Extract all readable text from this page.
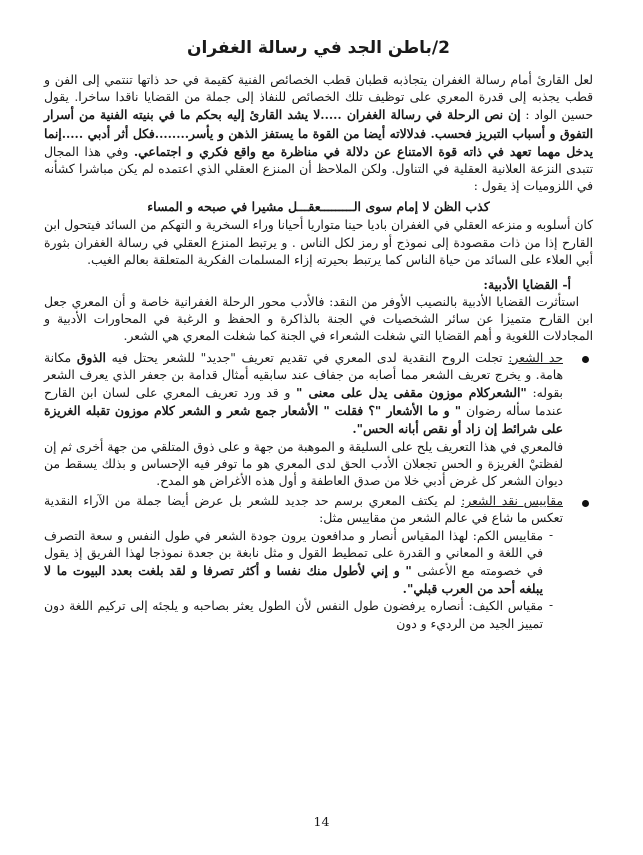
2/باطن الجد في رسالة الغفران

لعل القارئ أمام رسالة الغفران يتجاذبه قطبان قطب الخصائص الفنية كقيمة في حد ذاتها تنتمي إلى الفن و قطب يجذبه إلى قدرة المعري على توظيف تلك الخصائص للنفاذ إلى جملة من القضايا ناقدا ساخرا. يقول حسين الواد : إن نص الرحلة في رسالة الغفران .....لا يشد القارئ إليه بحكم ما في بنيته الفنية من أسرار التفوق و أسباب التبريز فحسب. فدلالاته أيضا من القوة ما يستفز الذهن و يأسر........فكل أثر أدبي .....إنما يدخل مهما تعهد في ذاته قوة الامتناع عن دلالة في مناظرة مع واقع فكري و اجتماعي. وفي هذا المجال تتبدى النزعة العلانية العقلية في التناول. ولكن الملاحظ أن المنزع العقلي الذي اعتمده لم يكن مباشرا كشأنه في اللزوميات إذ يقول :

كذب الظن لا إمام سوى الـــــــــعقـــل مشيرا في صبحه و المساء

كان أسلوبه و منزعه العقلي في الغفران باديا حينا متواريا أحيانا وراء السخرية و التهكم من السائد فيتحول ابن القارح إذا من ذات مقصودة إلى نموذج أو رمز لكل الناس . و يرتبط المنزع العقلي في رسالة الغفران بثورة أبي العلاء على السائد من حياة الناس كما يرتبط بحيرته إزاء المسلمات الفكرية المتعلقة بعالم الغيب.

أ- القضايا الأدبية:

استأثرت القضايا الأدبية بالنصيب الأوفر من النقد: فالأدب محور الرحلة الغفرانية خاصة و أن المعري جعل ابن القارح متميزا عن سائر الشخصيات في الجنة بالذاكرة و الحفظ و الرغبة في المحاورات الأدبية و المجادلات اللغوية و أهم القضايا التي شغلت الشعراء في الجنة كما شغلت المعري هي الشعر.

حد الشعر: تجلت الروح النقدية لدى المعري في تقديم تعريف "جديد" للشعر يحتل فيه الذوق مكانة هامة. و يخرج تعريف الشعر مما أصابه من جفاف عند سابقيه أمثال قدامة بن جعفر الذي يعرف الشعر بقوله: "الشعركلام موزون مقفى يدل على معنى " و قد ورد تعريف المعري على لسان ابن القارح عندما سأله رضوان " و ما الأشعار "؟ فقلت " الأشعار جمع شعر و الشعر كلام موزون تقبله الغريزة على شرائط إن زاد أو نقص أبانه الحس".

فالمعري في هذا التعريف يلح على السليقة و الموهبة من جهة و على ذوق المتلقي من جهة أخرى ثم إن لفظتيْ الغريزة و الحس تجعلان الأدب الحق لدى المعري هو ما توفر فيه الإحساس و بذلك يسقط من ديوان الشعر كل غرض أدبي خلا من صدق العاطفة و أول هذه الأغراض هو المدح.

مقاييس نقد الشعر: لم يكتف المعري برسم حد جديد للشعر بل عرض أيضا جملة من الآراء النقدية تعكس ما شاع في عالم الشعر من مقاييس مثل:

-

مقاييس الكم: لهذا المقياس أنصار و مدافعون يرون جودة الشعر في طول النفس و سعة التصرف في اللغة و المعاني و القدرة على تمطيط القول و مثل نابغة بن جعدة نموذجا لهذا الفريق إذ يقول في خصومته مع الأعشى " و إني لأطول منك نفسا و أكثر تصرفا و لقد بلغت بعدد البيوت ما لا يبلغه أحد من العرب قبلي".

-

مقياس الكيف: أنصاره يرفضون طول النفس لأن الطول يعثر بصاحبه و يلجئه إلى تركيم اللغة دون تمييز الجيد من الرديء و دون

14
